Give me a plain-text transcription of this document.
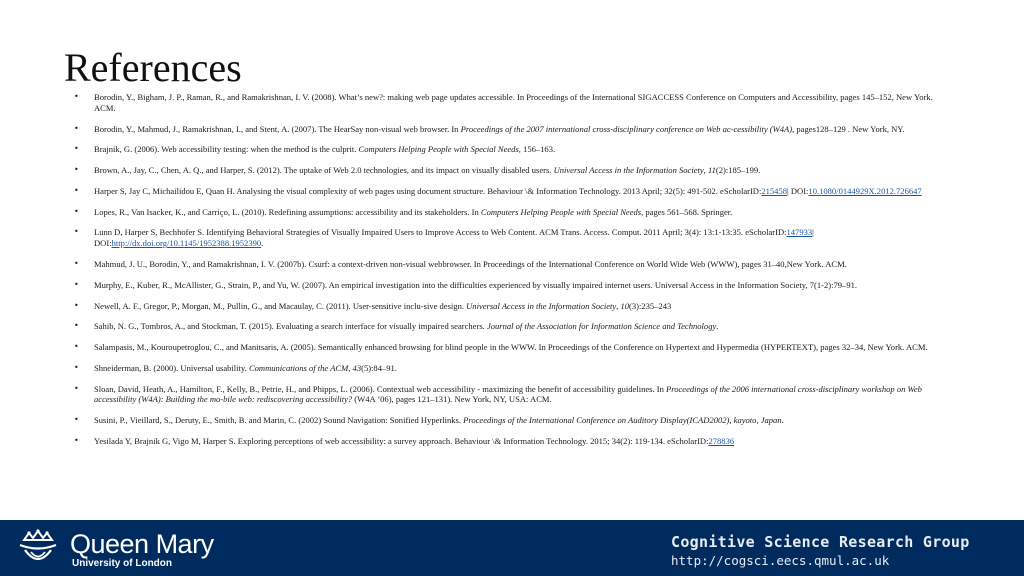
References
• Borodin, Y., Bigham, J. P., Raman, R., and Ramakrishnan, I. V. (2008). What’s new?: making web page updates accessible. In Proceedings of the International SIGACCESS Conference on Computers and Accessibility, pages 145–152, New York. ACM.
• Borodin, Y., Mahmud, J., Ramakrishnan, I., and Stent, A. (2007). The HearSay non-visual web browser. In Proceedings of the 2007 international cross-disciplinary conference on Web ac-cessibility (W4A), pages128–129 . New York, NY.
• Brajnik, G. (2006). Web accessibility testing: when the method is the culprit. Computers Helping People with Special Needs, 156–163.
• Brown, A., Jay, C., Chen, A. Q., and Harper, S. (2012). The uptake of Web 2.0 technologies, and its impact on visually disabled users. Universal Access in the Information Society, 11(2):185–199.
• Harper S, Jay C, Michailidou E, Quan H. Analysing the visual complexity of web pages using document structure. Behaviour \& Information Technology. 2013 April; 32(5): 491-502. eScholarID:215458| DOI:10.1080/0144929X.2012.726647
• Lopes, R., Van Isacker, K., and Carriço, L. (2010). Redefining assumptions: accessibility and its stakeholders. In Computers Helping People with Special Needs, pages 561–568. Springer.
• Lunn D, Harper S, Bechhofer S. Identifying Behavioral Strategies of Visually Impaired Users to Improve Access to Web Content. ACM Trans. Access. Comput. 2011 April; 3(4): 13:1-13:35. eScholarID:147933| DOI:http://dx.doi.org/10.1145/1952388.1952390.
• Mahmud, J. U., Borodin, Y., and Ramakrishnan, I. V. (2007b). Csurf: a context-driven non-visual webbrowser. In Proceedings of the International Conference on World Wide Web (WWW), pages 31–40,New York. ACM.
• Murphy, E., Kuber, R., McAllister, G., Strain, P., and Yu, W. (2007). An empirical investigation into the difficulties experienced by visually impaired internet users. Universal Access in the Information Society, 7(1-2):79–91.
• Newell, A. F., Gregor, P., Morgan, M., Pullin, G., and Macaulay, C. (2011). User-sensitive inclu-sive design. Universal Access in the Information Society, 10(3):235–243
• Sahib, N. G., Tombros, A., and Stockman, T. (2015). Evaluating a search interface for visually impaired searchers. Journal of the Association for Information Science and Technology.
• Salampasis, M., Kouroupetroglou, C., and Manitsaris, A. (2005). Semantically enhanced browsing for blind people in the WWW. In Proceedings of the Conference on Hypertext and Hypermedia (HYPERTEXT), pages 32–34, New York. ACM.
• Shneiderman, B. (2000). Universal usability. Communications of the ACM, 43(5):84–91.
• Sloan, David, Heath, A., Hamilton, F., Kelly, B., Petrie, H., and Phipps, L. (2006). Contextual web accessibility - maximizing the benefit of accessibility guidelines. In Proceedings of the 2006 international cross-disciplinary workshop on Web accessibility (W4A): Building the mo-bile web: rediscovering accessibility? (W4A ’06), pages 121–131). New York, NY, USA: ACM.
• Susini, P., Vieillard, S., Deruty, E., Smith, B. and Marin, C. (2002) Sound Navigation: Sonified Hyperlinks. Proceedings of the International Conference on Auditory Display(ICAD2002), kayoto, Japan.
• Yesilada Y, Brajnik G, Vigo M, Harper S. Exploring perceptions of web accessibility: a survey approach. Behaviour \& Information Technology. 2015; 34(2): 119-134. eScholarID:278836
Queen Mary
University of London
Cognitive Science Research Group
http://cogsci.eecs.qmul.ac.uk
